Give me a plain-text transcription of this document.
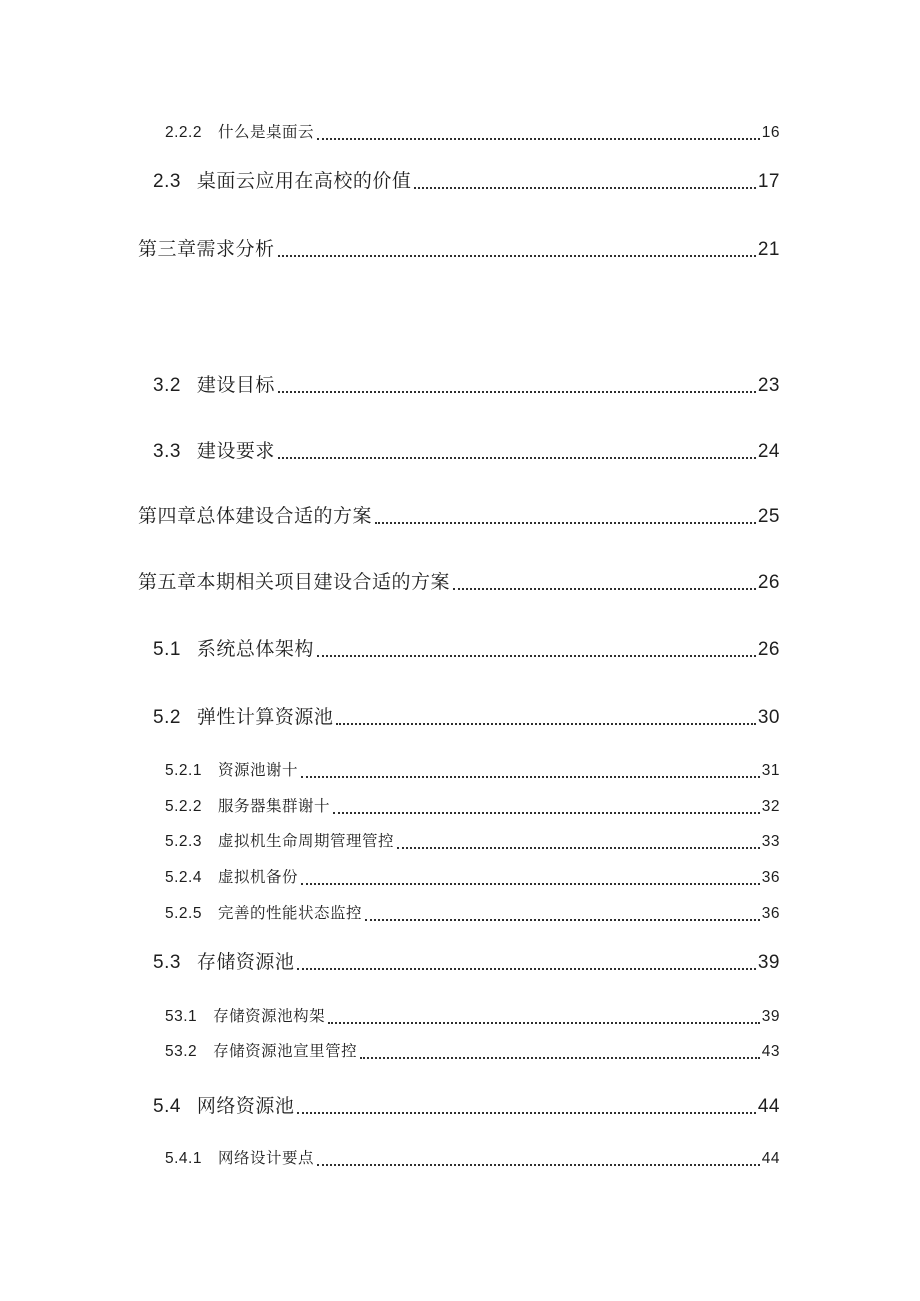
2.2.2 什么是桌面云	16
2.3 桌面云应用在高校的价值	17
第三章需求分析	21
3.2 建设目标	23
3.3 建设要求	24
第四章总体建设合适的方案	25
第五章本期相关项目建设合适的方案	26
5.1 系统总体架构	26
5.2 弹性计算资源池	30
5.2.1 资源池谢十	31
5.2.2 服务器集群谢十	32
5.2.3 虚拟机生命周期管理管控	33
5.2.4 虚拟机备份	36
5.2.5 完善的性能状态监控	36
5.3 存储资源池	39
53.1 存储资源池构架	39
53.2 存储资源池宣里管控	43
5.4 网络资源池	44
5.4.1 网络设计要点	44
